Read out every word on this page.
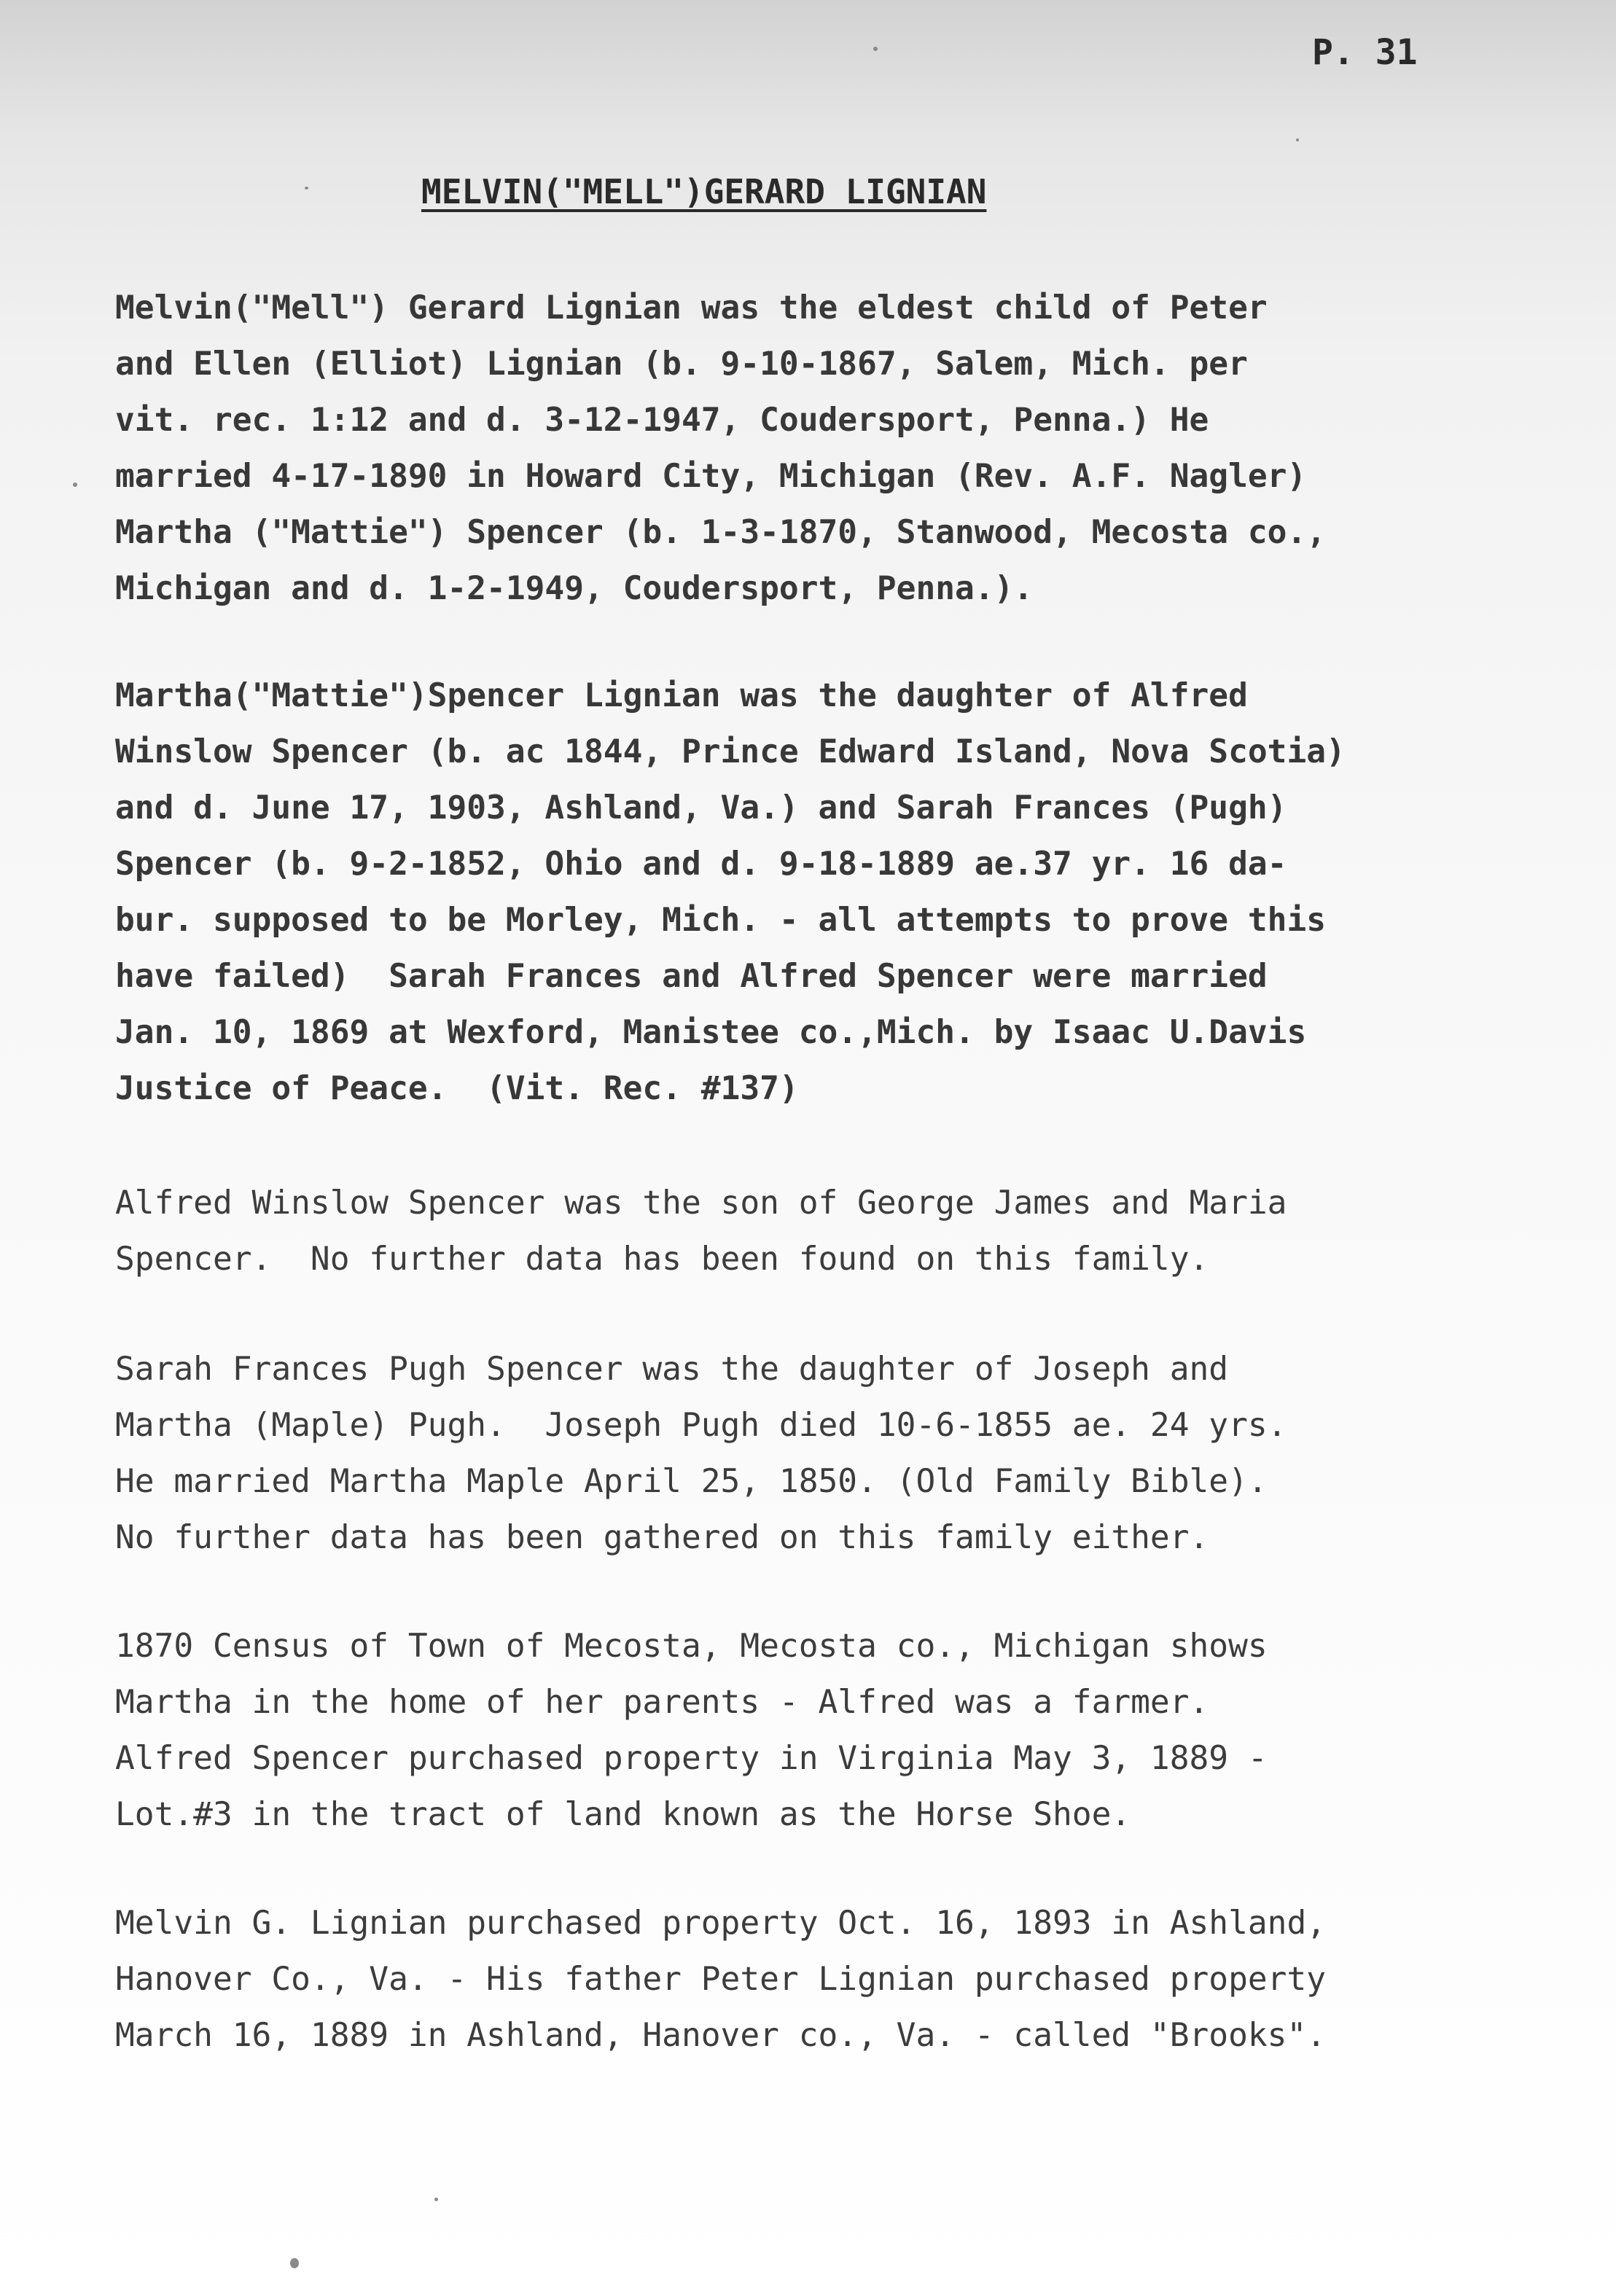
P. 31
MELVIN("MELL")GERARD LIGNIAN
Melvin("Mell") Gerard Lignian was the eldest child of Peter
and Ellen (Elliot) Lignian (b. 9-10-1867, Salem, Mich. per
vit. rec. 1:12 and d. 3-12-1947, Coudersport, Penna.) He
married 4-17-1890 in Howard City, Michigan (Rev. A.F. Nagler)
Martha ("Mattie") Spencer (b. 1-3-1870, Stanwood, Mecosta co.,
Michigan and d. 1-2-1949, Coudersport, Penna.).
Martha("Mattie")Spencer Lignian was the daughter of Alfred
Winslow Spencer (b. ac 1844, Prince Edward Island, Nova Scotia)
and d. June 17, 1903, Ashland, Va.) and Sarah Frances (Pugh)
Spencer (b. 9-2-1852, Ohio and d. 9-18-1889 ae.37 yr. 16 da-
bur. supposed to be Morley, Mich. - all attempts to prove this
have failed)  Sarah Frances and Alfred Spencer were married
Jan. 10, 1869 at Wexford, Manistee co.,Mich. by Isaac U.Davis
Justice of Peace.  (Vit. Rec. #137)
Alfred Winslow Spencer was the son of George James and Maria
Spencer.  No further data has been found on this family.
Sarah Frances Pugh Spencer was the daughter of Joseph and
Martha (Maple) Pugh.  Joseph Pugh died 10-6-1855 ae. 24 yrs.
He married Martha Maple April 25, 1850. (Old Family Bible).
No further data has been gathered on this family either.
1870 Census of Town of Mecosta, Mecosta co., Michigan shows
Martha in the home of her parents - Alfred was a farmer.
Alfred Spencer purchased property in Virginia May 3, 1889 -
Lot.#3 in the tract of land known as the Horse Shoe.
Melvin G. Lignian purchased property Oct. 16, 1893 in Ashland,
Hanover Co., Va. - His father Peter Lignian purchased property
March 16, 1889 in Ashland, Hanover co., Va. - called "Brooks".
